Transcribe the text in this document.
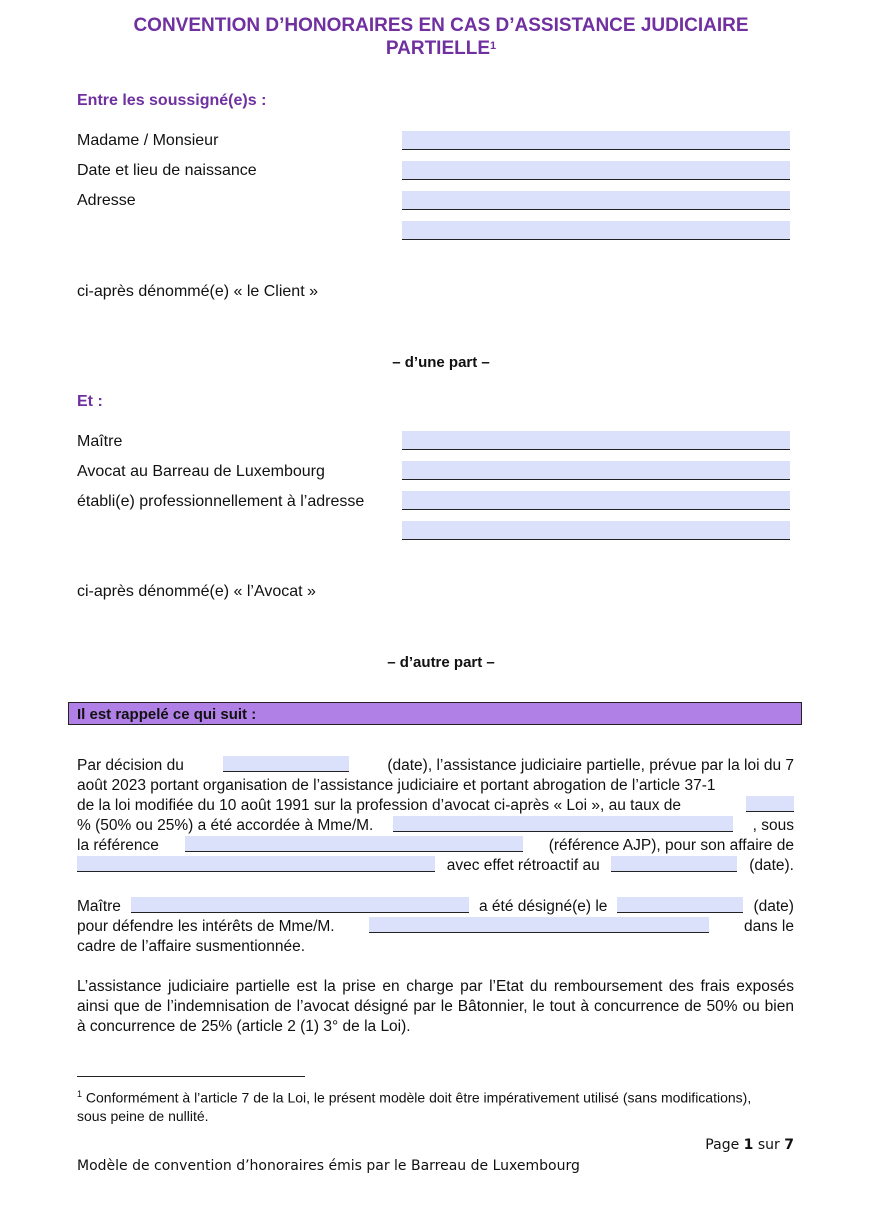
CONVENTION D’HONORAIRES EN CAS D’ASSISTANCE JUDICIAIRE
PARTIELLE$^1$
Entre les soussigné(e)s :
Madame / Monsieur
Date et lieu de naissance
Adresse
ci-après dénommé(e) « le Client »
– d’une part –
Et :
Maître
Avocat au Barreau de Luxembourg
établi(e) professionnellement à l’adresse
ci-après dénommé(e) « l’Avocat »
– d’autre part –
Il est rappelé ce qui suit :
Par décision du	(date), l’assistance judiciaire partielle, prévue par la loi du 7
août 2023 portant organisation de l’assistance judiciaire et portant abrogation de l’article 37-1
de la loi modifiée du 10 août 1991 sur la profession d’avocat ci-après « Loi », au taux de
% (50% ou 25%) a été accordée à Mme/M.	, sous
la référence	(référence AJP), pour son affaire de
avec effet rétroactif au	(date).
Maître	a été désigné(e) le	(date)
pour défendre les intérêts de Mme/M.	dans le
cadre de l’affaire susmentionnée.
L’assistance judiciaire partielle est la prise en charge par l’Etat du remboursement des frais exposés ainsi que de l’indemnisation de l’avocat désigné par le Bâtonnier, le tout à concurrence de 50% ou bien à concurrence de 25% (article 2 (1) 3° de la Loi).
$^1$ Conformément à l’article 7 de la Loi, le présent modèle doit être impérativement utilisé (sans modifications), sous peine de nullité.
Page 1 sur 7
Modèle de convention d’honoraires émis par le Barreau de Luxembourg
